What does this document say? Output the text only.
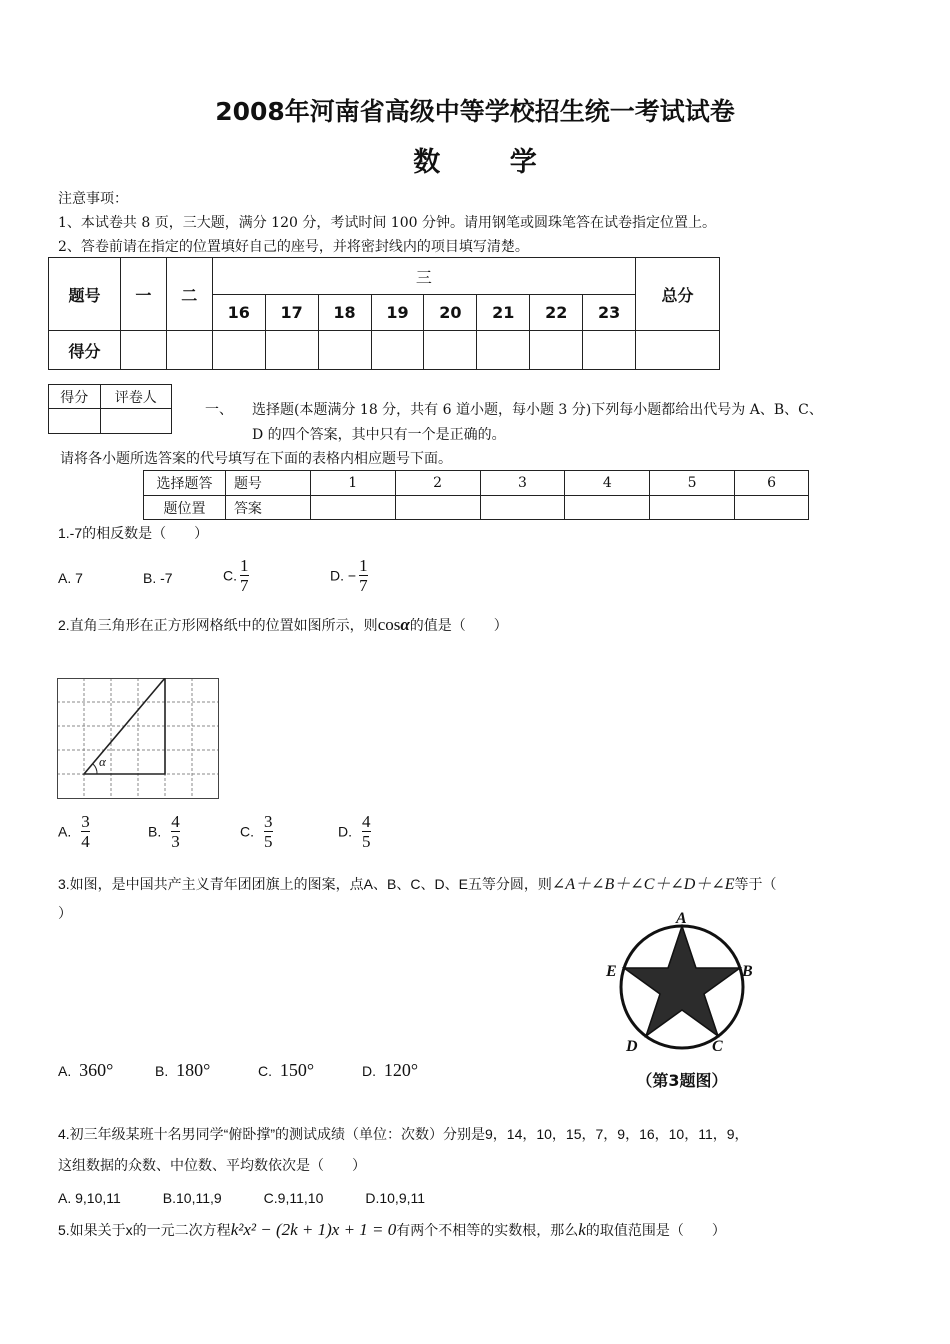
2008年河南省高级中等学校招生统一考试试卷
数 学
注意事项：
1、本试卷共 8 页，三大题，满分 120 分，考试时间 100 分钟。请用钢笔或圆珠笔答在试卷指定位置上。
2、答卷前请在指定的位置填好自己的座号，并将密封线内的项目填写清楚。
题号	一	二	三								总分
			16	17	18	19	20	21	22	23	
得分											
得分	评卷人

一、 选择题(本题满分 18 分，共有 6 道小题，每小题 3 分)下列每小题都给出代号为 A、B、C、
D 的四个答案，其中只有一个是正确的。
请将各小题所选答案的代号填写在下面的表格内相应题号下面。
选择题答	题号	1	2	3	4	5	6
题位置	答案						
1.-7的相反数是（　　）
A. 7	B. -7	C. $\frac{1}{7}$	D. − $\frac{1}{7}$
2.直角三角形在正方形网格纸中的位置如图所示，则cosα的值是（　　）
α
A. $\frac{3}{4}$	B. $\frac{4}{3}$	C. $\frac{3}{5}$	D. $\frac{4}{5}$
3.如图，是中国共产主义青年团团旗上的图案，点A、B、C、D、E五等分圆，则∠A＋∠B＋∠C＋∠D＋∠E等于（
）	A
B
C
D
E
（第3题图）
A. 360°	B. 180°	C. 150°	D. 120°
4.初三年级某班十名男同学“俯卧撑”的测试成绩（单位：次数）分别是9，14，10，15，7，9，16，10，11，9，
这组数据的众数、中位数、平均数依次是（　　）
A. 9,10,11　　　B.10,11,9　　　C.9,11,10　　　D.10,9,11
5.如果关于x的一元二次方程k²x² − (2k + 1)x + 1 = 0有两个不相等的实数根，那么k的取值范围是（　　）
